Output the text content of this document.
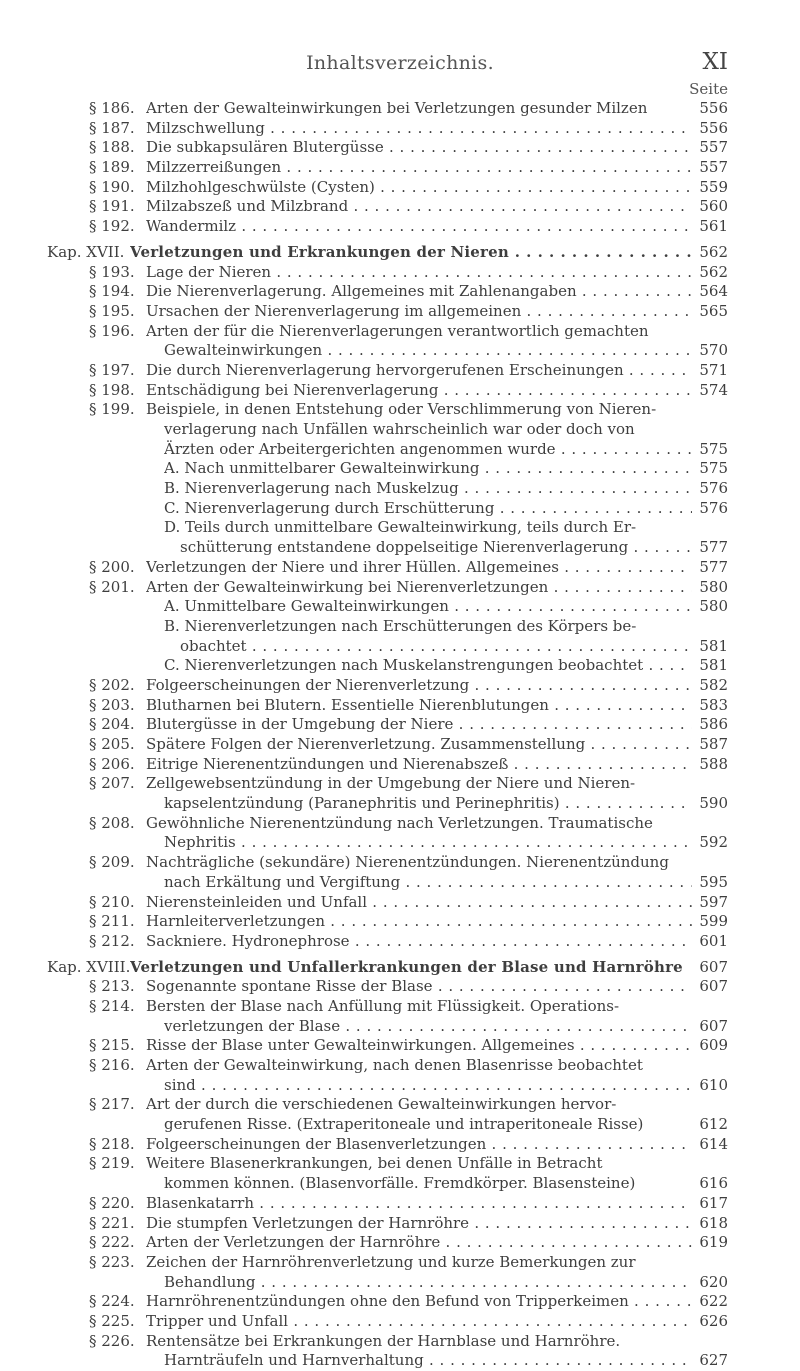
Inhaltsverzeichnis.	XI
Seite
§ 186. Arten der Gewalteinwirkungen bei Verletzungen gesunder Milzen	556
§ 187. Milzschwellung . . .	556
§ 188. Die subkapsulären Blutergüsse . . .	557
§ 189. Milzzerreißungen . . .	557
§ 190. Milzhohlgeschwülste (Cysten) . . .	559
§ 191. Milzabszeß und Milzbrand . . .	560
§ 192. Wandermilz . . .	561
Kap. XVII. Verletzungen und Erkrankungen der Nieren . . .	562
§ 193. Lage der Nieren . . .	562
§ 194. Die Nierenverlagerung. Allgemeines mit Zahlenangaben . . .	564
§ 195. Ursachen der Nierenverlagerung im allgemeinen . . .	565
§ 196. Arten der für die Nierenverlagerungen verantwortlich gemachten
Gewalteinwirkungen . . .	570
§ 197. Die durch Nierenverlagerung hervorgerufenen Erscheinungen . . .	571
§ 198. Entschädigung bei Nierenverlagerung . . .	574
§ 199. Beispiele, in denen Entstehung oder Verschlimmerung von Nieren-
verlagerung nach Unfällen wahrscheinlich war oder doch von
Ärzten oder Arbeitergerichten angenommen wurde . . .	575
A. Nach unmittelbarer Gewalteinwirkung . . .	575
B. Nierenverlagerung nach Muskelzug . . .	576
C. Nierenverlagerung durch Erschütterung . . .	576
D. Teils durch unmittelbare Gewalteinwirkung, teils durch Er-
schütterung entstandene doppelseitige Nierenverlagerung . . .	577
§ 200. Verletzungen der Niere und ihrer Hüllen. Allgemeines . . .	577
§ 201. Arten der Gewalteinwirkung bei Nierenverletzungen . . .	580
A. Unmittelbare Gewalteinwirkungen . . .	580
B. Nierenverletzungen nach Erschütterungen des Körpers be-
obachtet . . .	581
C. Nierenverletzungen nach Muskelanstrengungen beobachtet . . .	581
§ 202. Folgeerscheinungen der Nierenverletzung . . .	582
§ 203. Blutharnen bei Blutern. Essentielle Nierenblutungen . . .	583
§ 204. Blutergüsse in der Umgebung der Niere . . .	586
§ 205. Spätere Folgen der Nierenverletzung. Zusammenstellung . . .	587
§ 206. Eitrige Nierenentzündungen und Nierenabszeß . . .	588
§ 207. Zellgewebsentzündung in der Umgebung der Niere und Nieren-
kapselentzündung (Paranephritis und Perinephritis) . . .	590
§ 208. Gewöhnliche Nierenentzündung nach Verletzungen. Traumatische
Nephritis . . .	592
§ 209. Nachträgliche (sekundäre) Nierenentzündungen. Nierenentzündung
nach Erkältung und Vergiftung . . .	595
§ 210. Nierensteinleiden und Unfall . . .	597
§ 211. Harnleiterverletzungen . . .	599
§ 212. Sackniere. Hydronephrose . . .	601
Kap. XVIII. Verletzungen und Unfallerkrankungen der Blase und Harnröhre	607
§ 213. Sogenannte spontane Risse der Blase . . .	607
§ 214. Bersten der Blase nach Anfüllung mit Flüssigkeit. Operations-
verletzungen der Blase . . .	607
§ 215. Risse der Blase unter Gewalteinwirkungen. Allgemeines . . .	609
§ 216. Arten der Gewalteinwirkung, nach denen Blasenrisse beobachtet
sind . . .	610
§ 217. Art der durch die verschiedenen Gewalteinwirkungen hervor-
gerufenen Risse. (Extraperitoneale und intraperitoneale Risse)	612
§ 218. Folgeerscheinungen der Blasenverletzungen . . .	614
§ 219. Weitere Blasenerkrankungen, bei denen Unfälle in Betracht
kommen können. (Blasenvorfälle. Fremdkörper. Blasensteine)	616
§ 220. Blasenkatarrh . . .	617
§ 221. Die stumpfen Verletzungen der Harnröhre . . .	618
§ 222. Arten der Verletzungen der Harnröhre . . .	619
§ 223. Zeichen der Harnröhrenverletzung und kurze Bemerkungen zur
Behandlung . . .	620
§ 224. Harnröhrenentzündungen ohne den Befund von Tripperkeimen . . .	622
§ 225. Tripper und Unfall . . .	626
§ 226. Rentensätze bei Erkrankungen der Harnblase und Harnröhre.
Harnträufeln und Harnverhaltung . . .	627
